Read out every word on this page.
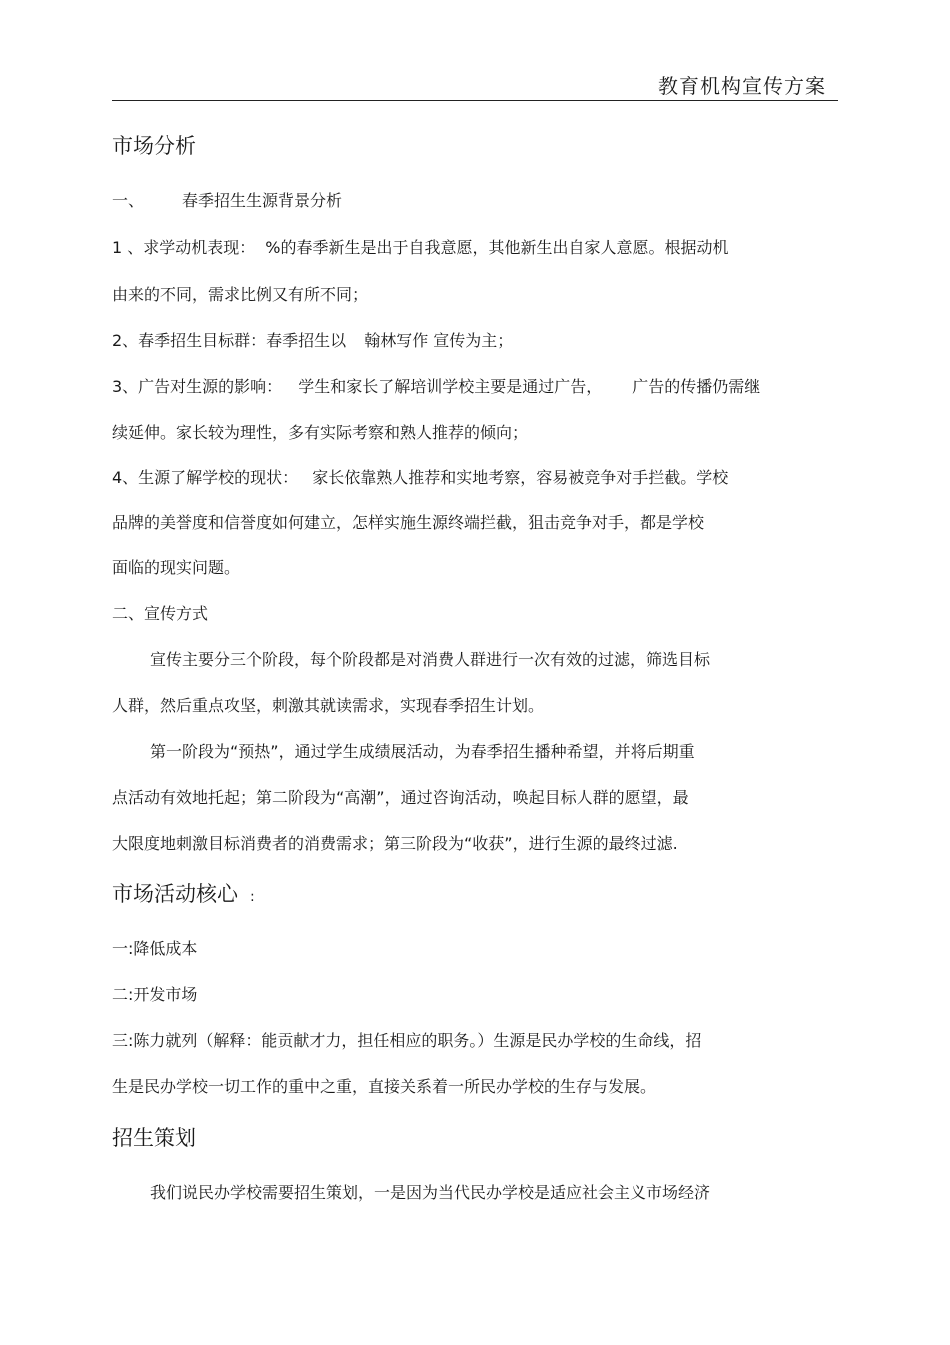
教育机构宣传方案
市场分析
一、 春季招生生源背景分析
1 、求学动机表现： %的春季新生是出于自我意愿，其他新生出自家人意愿。根据动机
由来的不同，需求比例又有所不同；
2、春季招生目标群：春季招生以 翰林写作 宣传为主；
3、广告对生源的影响： 学生和家长了解培训学校主要是通过广告， 广告的传播仍需继
续延伸。家长较为理性，多有实际考察和熟人推荐的倾向；
4、生源了解学校的现状： 家长依靠熟人推荐和实地考察，容易被竞争对手拦截。学校
品牌的美誉度和信誉度如何建立，怎样实施生源终端拦截，狙击竞争对手，都是学校
面临的现实问题。
二、宣传方式
宣传主要分三个阶段，每个阶段都是对消费人群进行一次有效的过滤，筛选目标
人群，然后重点攻坚，刺激其就读需求，实现春季招生计划。
第一阶段为“预热”，通过学生成绩展活动，为春季招生播种希望，并将后期重
点活动有效地托起；第二阶段为“高潮”，通过咨询活动，唤起目标人群的愿望，最
大限度地刺激目标消费者的消费需求；第三阶段为“收获”，进行生源的最终过滤.
市场活动核心 :
一:降低成本
二:开发市场
三:陈力就列（解释：能贡献才力，担任相应的职务。）生源是民办学校的生命线，招
生是民办学校一切工作的重中之重，直接关系着一所民办学校的生存与发展。
招生策划
我们说民办学校需要招生策划，一是因为当代民办学校是适应社会主义市场经济
